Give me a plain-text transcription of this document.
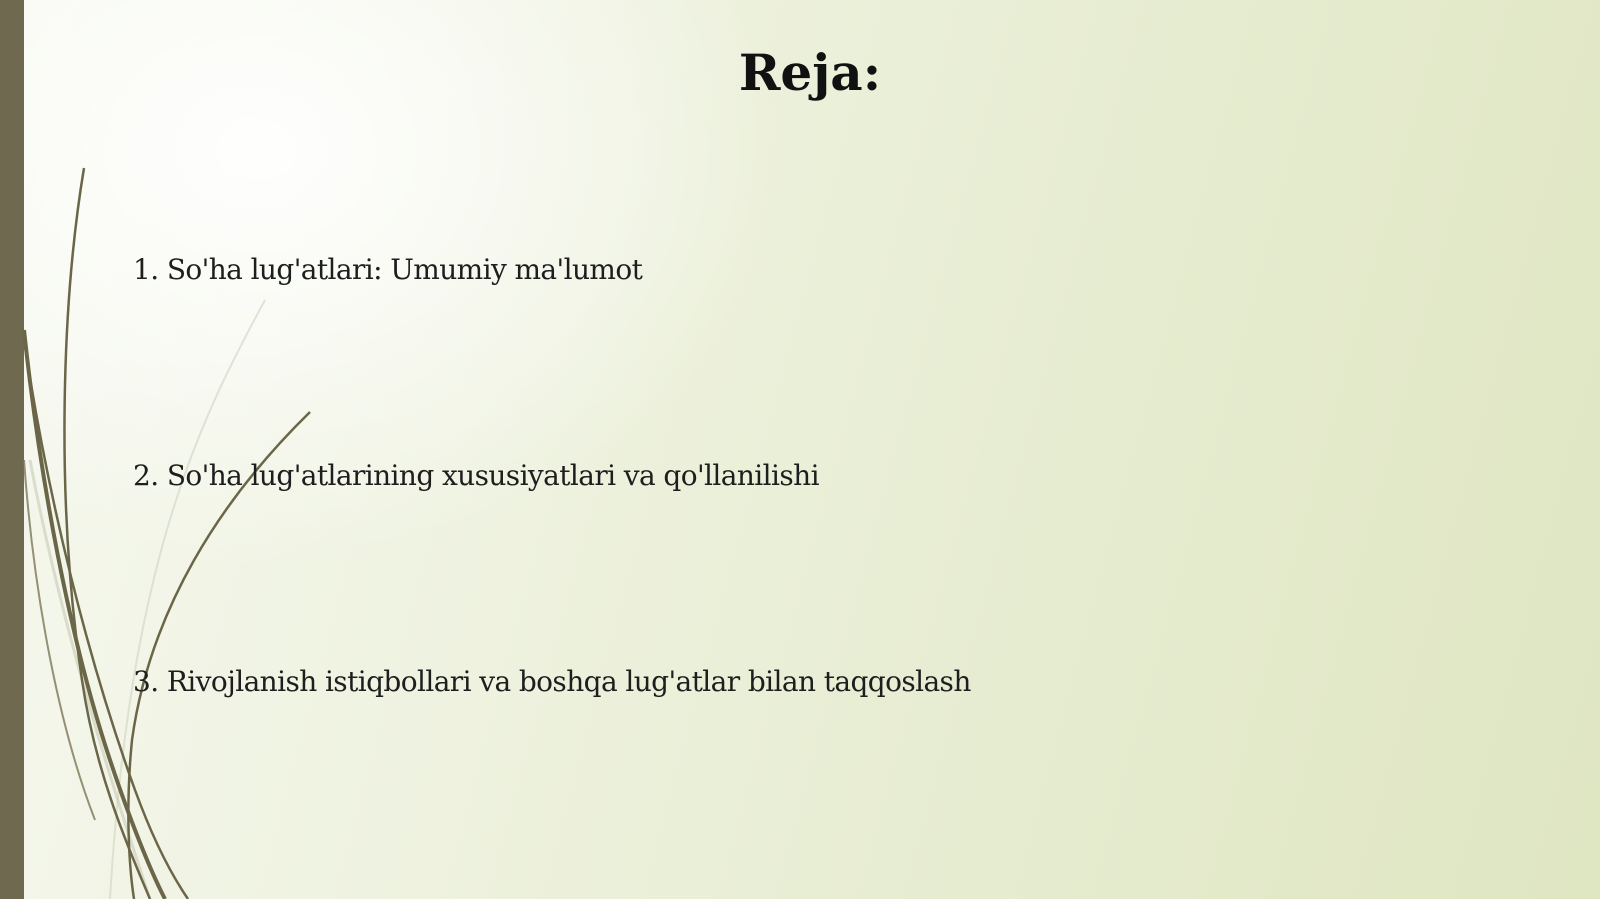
Reja:

1. So'ha lug'atlari: Umumiy ma'lumot

2. So'ha lug'atlarining xususiyatlari va qo'llanilishi

3. Rivojlanish istiqbollari va boshqa lug'atlar bilan taqqoslash
